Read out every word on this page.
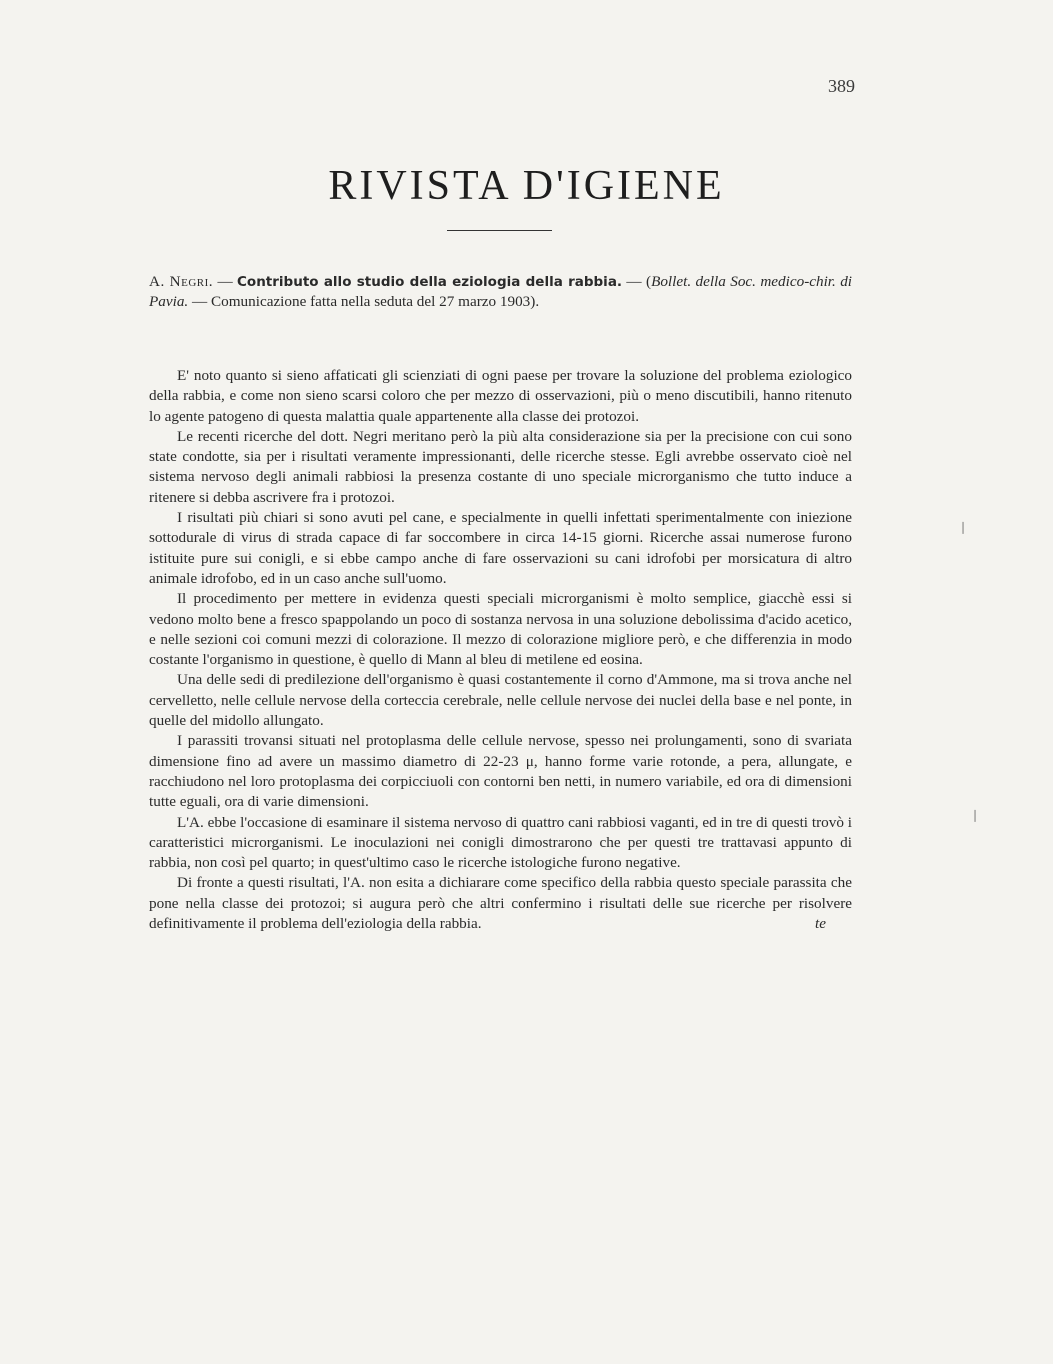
389
RIVISTA D'IGIENE

A. Negri. — Contributo allo studio della eziologia della rabbia. — (Bollet. della Soc. medico-chir. di Pavia. — Comunicazione fatta nella seduta del 27 marzo 1903).

E' noto quanto si sieno affaticati gli scienziati di ogni paese per trovare la soluzione del problema eziologico della rabbia, e come non sieno scarsi coloro che per mezzo di osservazioni, più o meno discutibili, hanno ritenuto lo agente patogeno di questa malattia quale appartenente alla classe dei protozoi.

Le recenti ricerche del dott. Negri meritano però la più alta considerazione sia per la precisione con cui sono state condotte, sia per i risultati veramente impressionanti, delle ricerche stesse. Egli avrebbe osservato cioè nel sistema nervoso degli animali rabbiosi la presenza costante di uno speciale microrganismo che tutto induce a ritenere si debba ascrivere fra i protozoi.

I risultati più chiari si sono avuti pel cane, e specialmente in quelli infettati sperimentalmente con iniezione sottodurale di virus di strada capace di far soccombere in circa 14-15 giorni. Ricerche assai numerose furono istituite pure sui conigli, e si ebbe campo anche di fare osservazioni su cani idrofobi per morsicatura di altro animale idrofobo, ed in un caso anche sull'uomo.

Il procedimento per mettere in evidenza questi speciali microrganismi è molto semplice, giacchè essi si vedono molto bene a fresco spappolando un poco di sostanza nervosa in una soluzione debolissima d'acido acetico, e nelle sezioni coi comuni mezzi di colorazione. Il mezzo di colorazione migliore però, e che differenzia in modo costante l'organismo in questione, è quello di Mann al bleu di metilene ed eosina.

Una delle sedi di predilezione dell'organismo è quasi costantemente il corno d'Ammone, ma si trova anche nel cervelletto, nelle cellule nervose della corteccia cerebrale, nelle cellule nervose dei nuclei della base e nel ponte, in quelle del midollo allungato.

I parassiti trovansi situati nel protoplasma delle cellule nervose, spesso nei prolungamenti, sono di svariata dimensione fino ad avere un massimo diametro di 22-23 μ, hanno forme varie rotonde, a pera, allungate, e racchiudono nel loro protoplasma dei corpicciuoli con contorni ben netti, in numero variabile, ed ora di dimensioni tutte eguali, ora di varie dimensioni.

L'A. ebbe l'occasione di esaminare il sistema nervoso di quattro cani rabbiosi vaganti, ed in tre di questi trovò i caratteristici microrganismi. Le inoculazioni nei conigli dimostrarono che per questi tre trattavasi appunto di rabbia, non così pel quarto; in quest'ultimo caso le ricerche istologiche furono negative.

Di fronte a questi risultati, l'A. non esita a dichiarare come specifico della rabbia questo speciale parassita che pone nella classe dei protozoi; si augura però che altri confermino i risultati delle sue ricerche per risolvere definitivamente il problema dell'eziologia della rabbia.	te

❘
❘
